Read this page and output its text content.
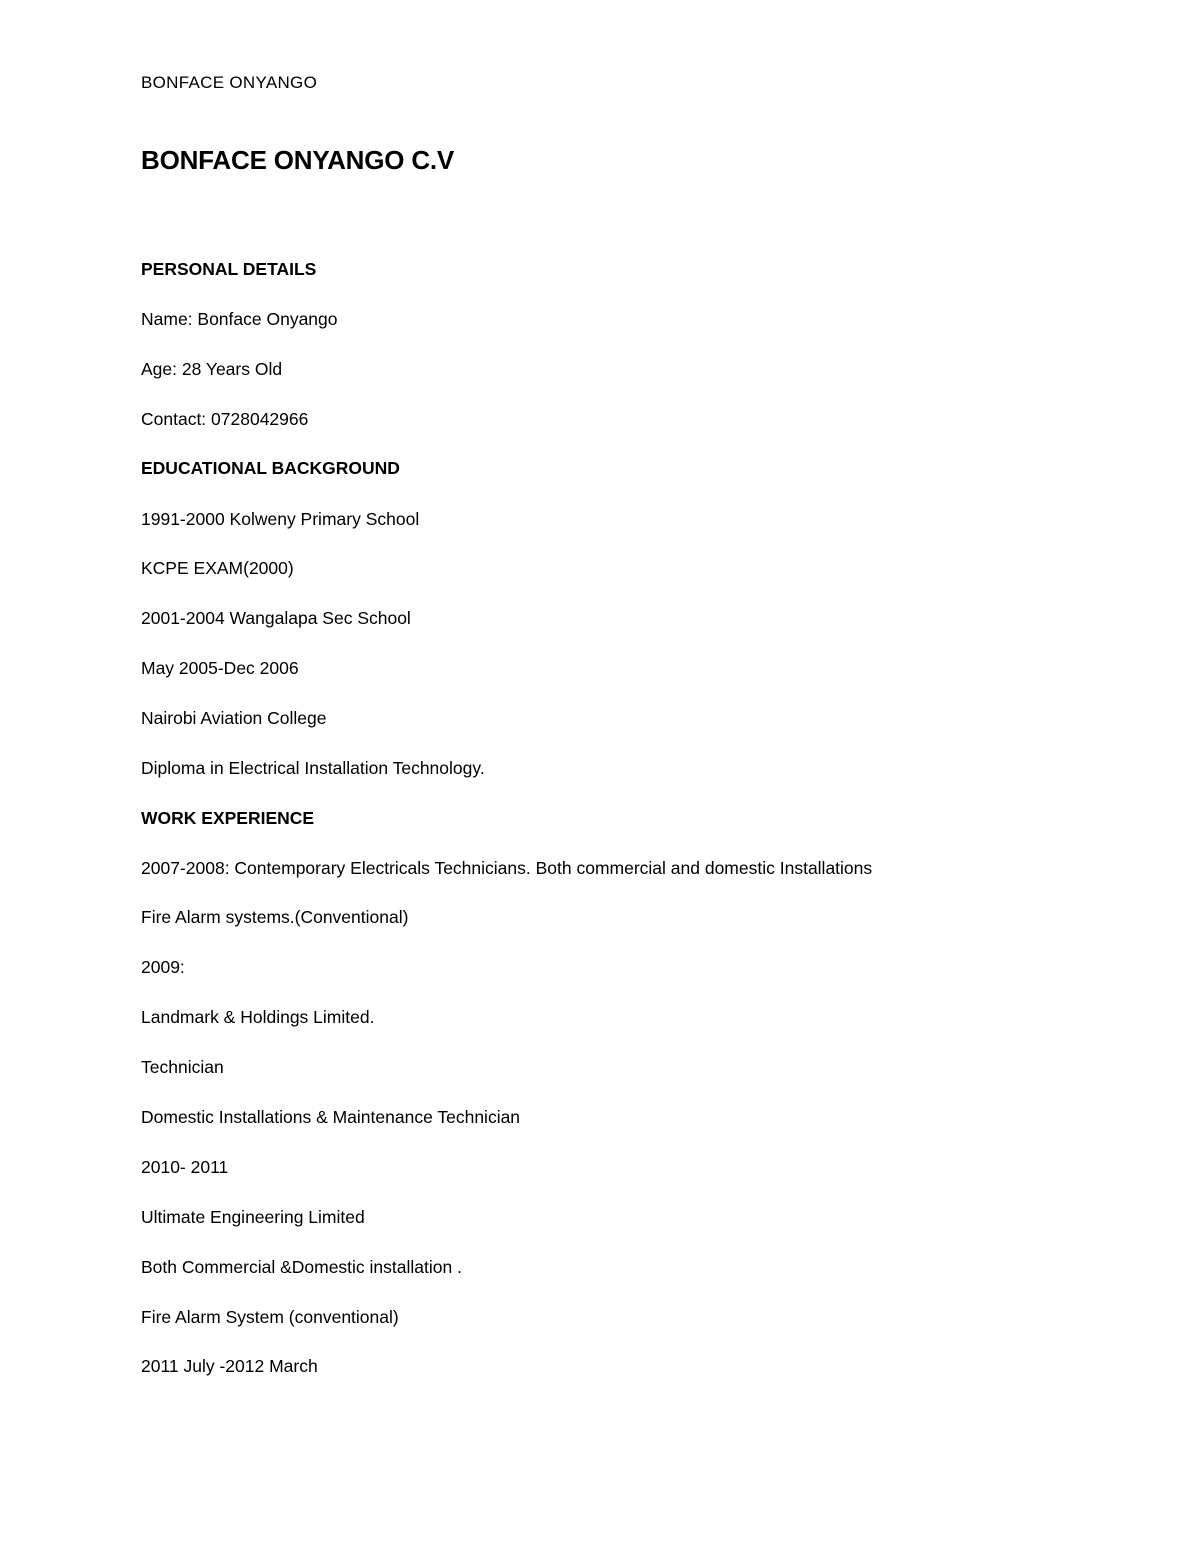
BONFACE ONYANGO
BONFACE ONYANGO C.V

PERSONAL DETAILS

Name: Bonface Onyango

Age: 28 Years Old

Contact: 0728042966

EDUCATIONAL BACKGROUND

1991-2000 Kolweny Primary School

KCPE EXAM(2000)

2001-2004 Wangalapa Sec School

May 2005-Dec 2006

Nairobi Aviation College

Diploma in Electrical Installation Technology.

WORK EXPERIENCE

2007-2008: Contemporary Electricals Technicians. Both commercial and domestic Installations

Fire Alarm systems.(Conventional)

2009:

Landmark & Holdings Limited.

Technician

Domestic Installations & Maintenance Technician

2010- 2011

Ultimate Engineering Limited

Both Commercial &Domestic installation .

Fire Alarm System (conventional)

2011 July -2012 March
